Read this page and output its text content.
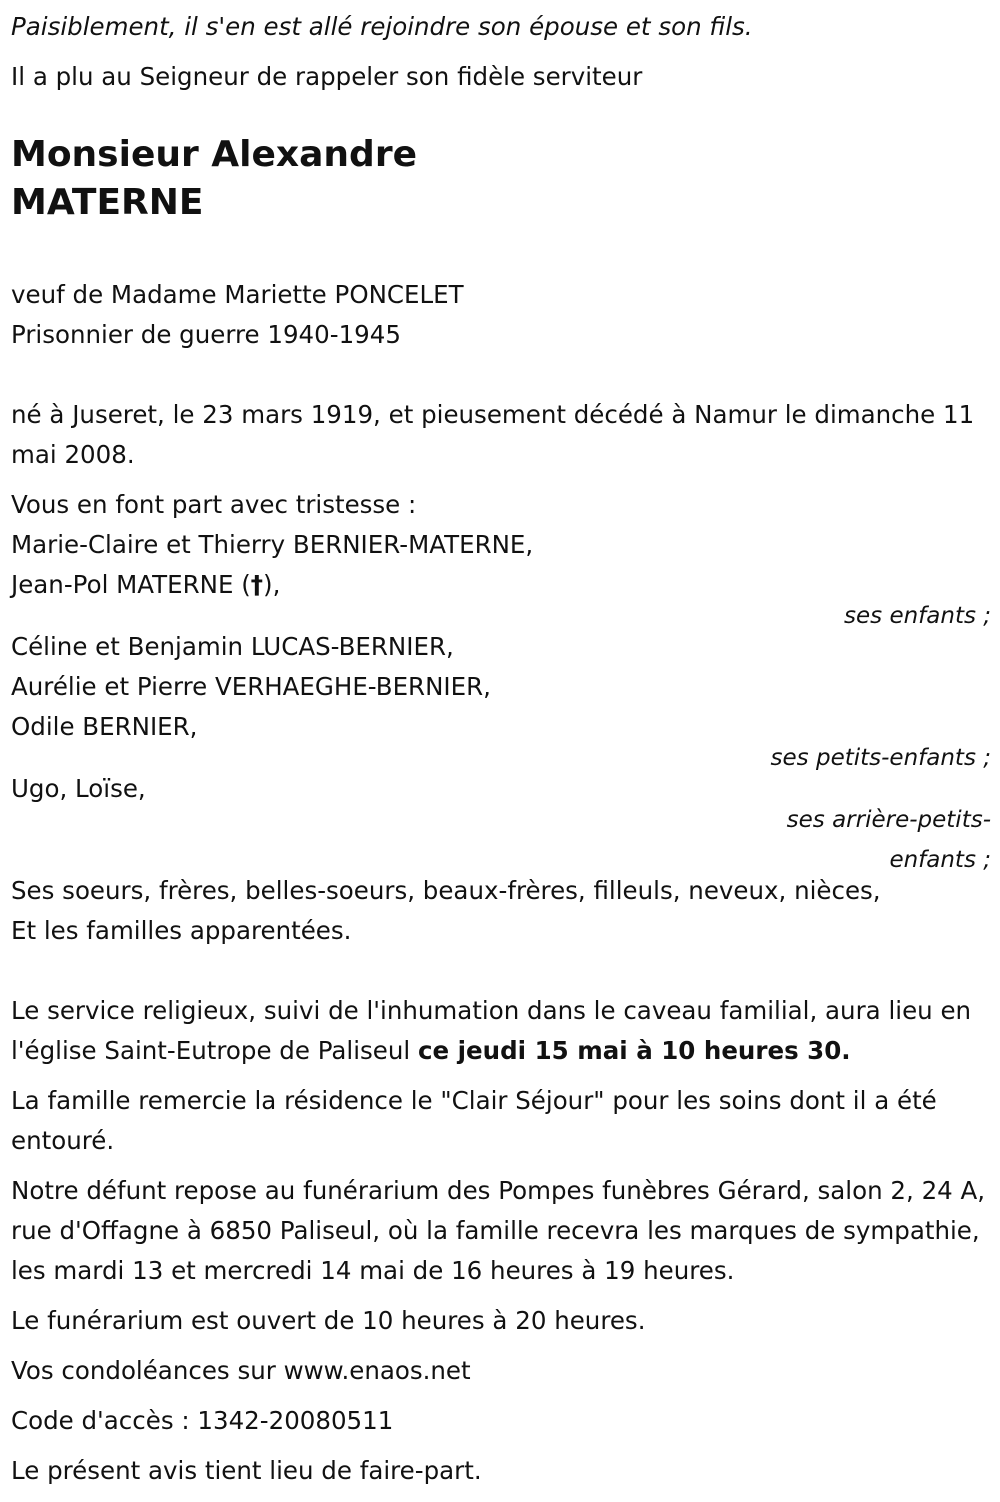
Paisiblement, il s'en est allé rejoindre son épouse et son fils.

Il a plu au Seigneur de rappeler son fidèle serviteur

Monsieur Alexandre
MATERNE

veuf de Madame Mariette PONCELET

Prisonnier de guerre 1940-1945

né à Juseret, le 23 mars 1919, et pieusement décédé à Namur le dimanche 11 mai 2008.

Vous en font part avec tristesse :

Marie-Claire et Thierry BERNIER-MATERNE,

Jean-Pol MATERNE (†),

ses enfants ;

Céline et Benjamin LUCAS-BERNIER,

Aurélie et Pierre VERHAEGHE-BERNIER,

Odile BERNIER,

ses petits-enfants ;

Ugo, Loïse,

ses arrière-petits-
enfants ;

Ses soeurs, frères, belles-soeurs, beaux-frères, filleuls, neveux, nièces,

Et les familles apparentées.

Le service religieux, suivi de l'inhumation dans le caveau familial, aura lieu en l'église Saint-Eutrope de Paliseul ce jeudi 15 mai à 10 heures 30.

La famille remercie la résidence le "Clair Séjour" pour les soins dont il a été entouré.

Notre défunt repose au funérarium des Pompes funèbres Gérard, salon 2, 24 A, rue d'Offagne à 6850 Paliseul, où la famille recevra les marques de sympathie, les mardi 13 et mercredi 14 mai de 16 heures à 19 heures.

Le funérarium est ouvert de 10 heures à 20 heures.

Vos condoléances sur www.enaos.net

Code d'accès : 1342-20080511

Le présent avis tient lieu de faire-part.
